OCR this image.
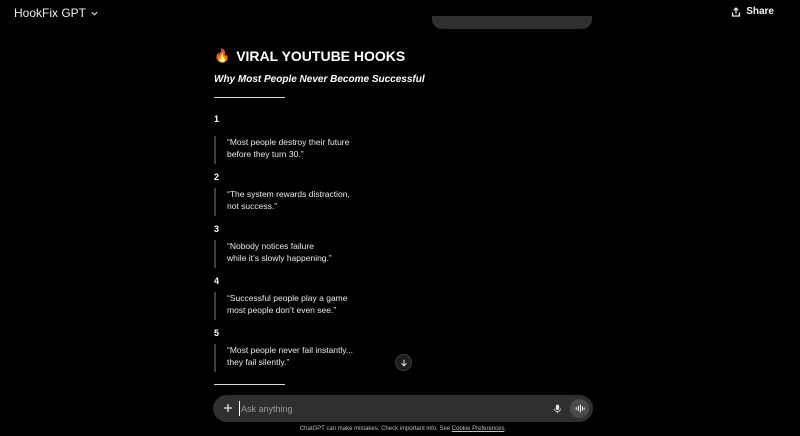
HookFix GPT	Share
🔥 VIRAL YOUTUBE HOOKS
Why Most People Never Become Successful
1
“Most people destroy their future
before they turn 30.”
2
“The system rewards distraction,
not success.”
3
“Nobody notices failure
while it’s slowly happening.”
4
“Successful people play a game
most people don’t even see.”
5
“Most people never fail instantly...
they fail silently.”
Ask anything
ChatGPT can make mistakes. Check important info. See Cookie Preferences.
